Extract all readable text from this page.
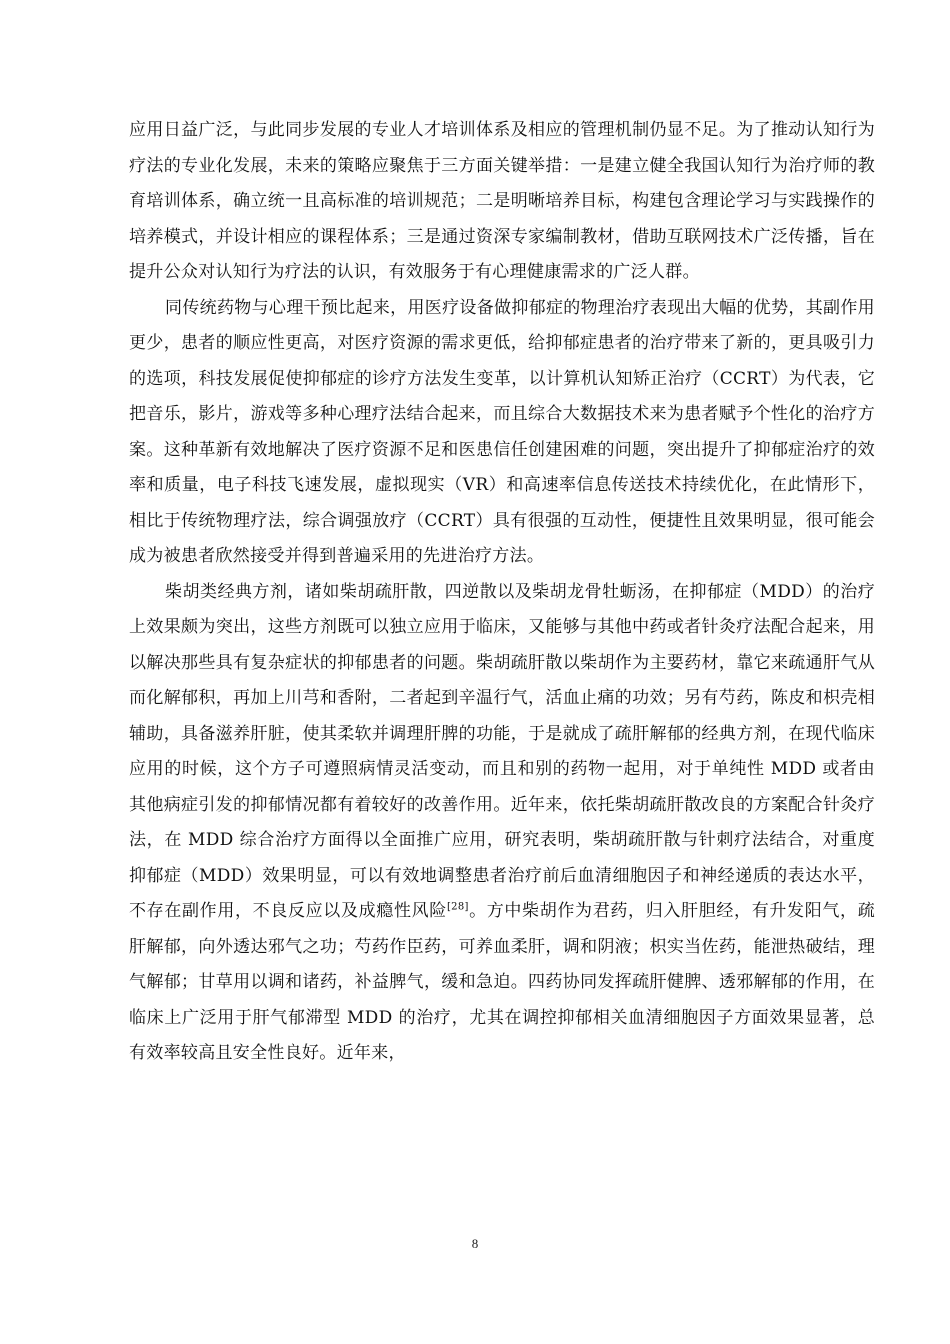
应用日益广泛，与此同步发展的专业人才培训体系及相应的管理机制仍显不足。为了推动认知行为疗法的专业化发展，未来的策略应聚焦于三方面关键举措：一是建立健全我国认知行为治疗师的教育培训体系，确立统一且高标准的培训规范；二是明晰培养目标，构建包含理论学习与实践操作的培养模式，并设计相应的课程体系；三是通过资深专家编制教材，借助互联网技术广泛传播，旨在提升公众对认知行为疗法的认识，有效服务于有心理健康需求的广泛人群。

同传统药物与心理干预比起来，用医疗设备做抑郁症的物理治疗表现出大幅的优势，其副作用更少，患者的顺应性更高，对医疗资源的需求更低，给抑郁症患者的治疗带来了新的，更具吸引力的选项，科技发展促使抑郁症的诊疗方法发生变革，以计算机认知矫正治疗（CCRT）为代表，它把音乐，影片，游戏等多种心理疗法结合起来，而且综合大数据技术来为患者赋予个性化的治疗方案。这种革新有效地解决了医疗资源不足和医患信任创建困难的问题，突出提升了抑郁症治疗的效率和质量，电子科技飞速发展，虚拟现实（VR）和高速率信息传送技术持续优化，在此情形下，相比于传统物理疗法，综合调强放疗（CCRT）具有很强的互动性，便捷性且效果明显，很可能会成为被患者欣然接受并得到普遍采用的先进治疗方法。

柴胡类经典方剂，诸如柴胡疏肝散，四逆散以及柴胡龙骨牡蛎汤，在抑郁症（MDD）的治疗上效果颇为突出，这些方剂既可以独立应用于临床，又能够与其他中药或者针灸疗法配合起来，用以解决那些具有复杂症状的抑郁患者的问题。柴胡疏肝散以柴胡作为主要药材，靠它来疏通肝气从而化解郁积，再加上川芎和香附，二者起到辛温行气，活血止痛的功效；另有芍药，陈皮和枳壳相辅助，具备滋养肝脏，使其柔软并调理肝脾的功能，于是就成了疏肝解郁的经典方剂，在现代临床应用的时候，这个方子可遵照病情灵活变动，而且和别的药物一起用，对于单纯性 MDD 或者由其他病症引发的抑郁情况都有着较好的改善作用。近年来，依托柴胡疏肝散改良的方案配合针灸疗法，在 MDD 综合治疗方面得以全面推广应用，研究表明，柴胡疏肝散与针刺疗法结合，对重度抑郁症（MDD）效果明显，可以有效地调整患者治疗前后血清细胞因子和神经递质的表达水平，不存在副作用，不良反应以及成瘾性风险[28]。方中柴胡作为君药，归入肝胆经，有升发阳气，疏肝解郁，向外透达邪气之功；芍药作臣药，可养血柔肝，调和阴液；枳实当佐药，能泄热破结，理气解郁；甘草用以调和诸药，补益脾气，缓和急迫。四药协同发挥疏肝健脾、透邪解郁的作用，在临床上广泛用于肝气郁滞型 MDD 的治疗，尤其在调控抑郁相关血清细胞因子方面效果显著，总有效率较高且安全性良好。近年来，

8
